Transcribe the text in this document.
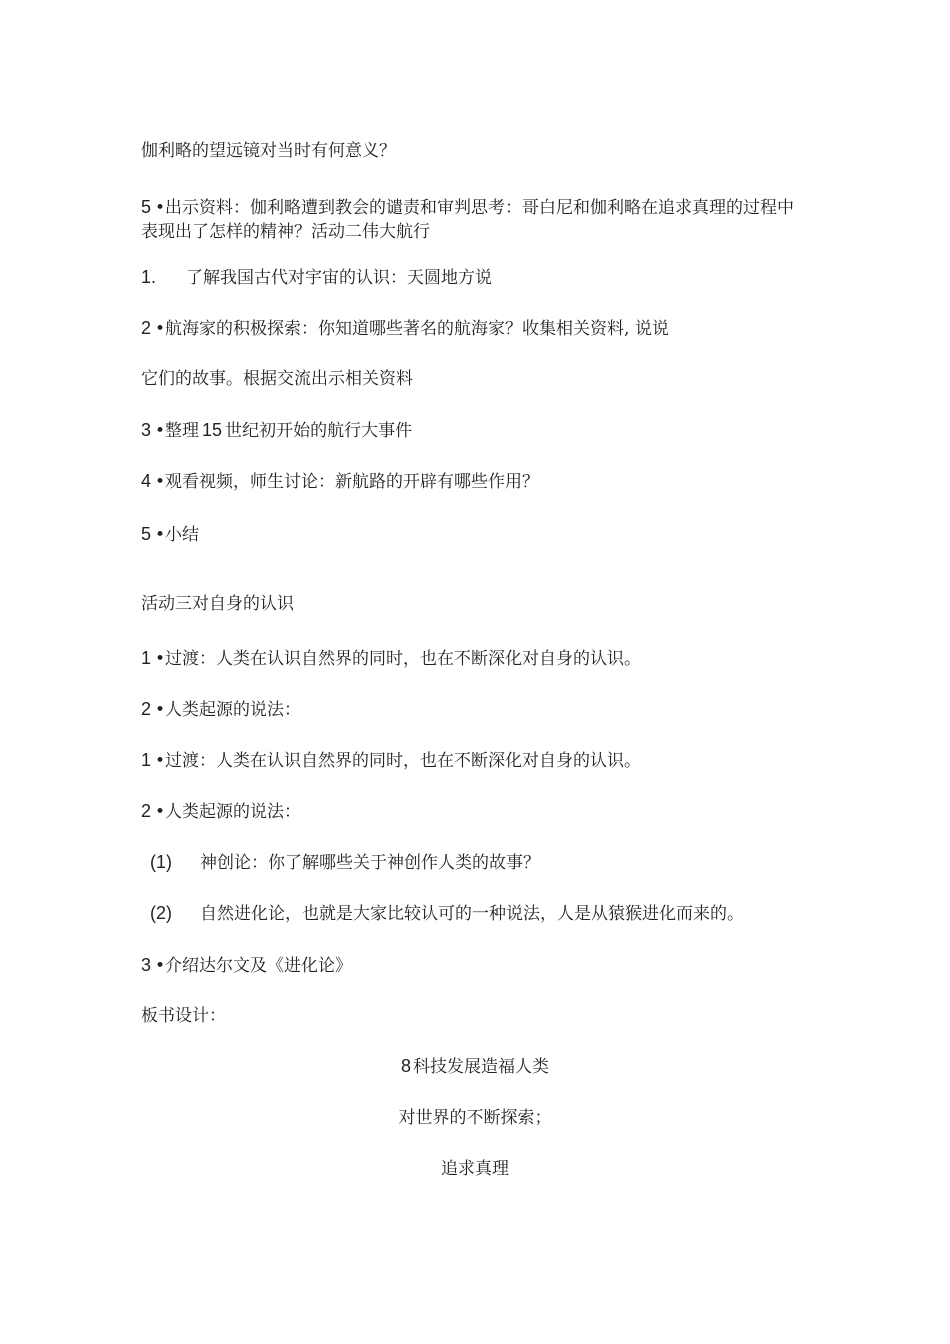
伽利略的望远镜对当时有何意义？
5 •出示资料：伽利略遭到教会的谴责和审判思考：哥白尼和伽利略在追求真理的过程中表现出了怎样的精神？活动二伟大航行
1. 了解我国古代对宇宙的认识：天圆地方说
2 •航海家的积极探索：你知道哪些著名的航海家？收集相关资料, 说说
它们的故事。根据交流出示相关资料
3 •整理 15 世纪初开始的航行大事件
4 •观看视频，师生讨论：新航路的开辟有哪些作用？
5 •小结
活动三对自身的认识
1 •过渡：人类在认识自然界的同时，也在不断深化对自身的认识。
2 •人类起源的说法：
1 •过渡：人类在认识自然界的同时，也在不断深化对自身的认识。
2 •人类起源的说法：
(1) 神创论：你了解哪些关于神创作人类的故事？
(2) 自然进化论，也就是大家比较认可的一种说法，人是从猿猴进化而来的。
3 •介绍达尔文及《进化论》
板书设计：
8 科技发展造福人类
对世界的不断探索；
追求真理
